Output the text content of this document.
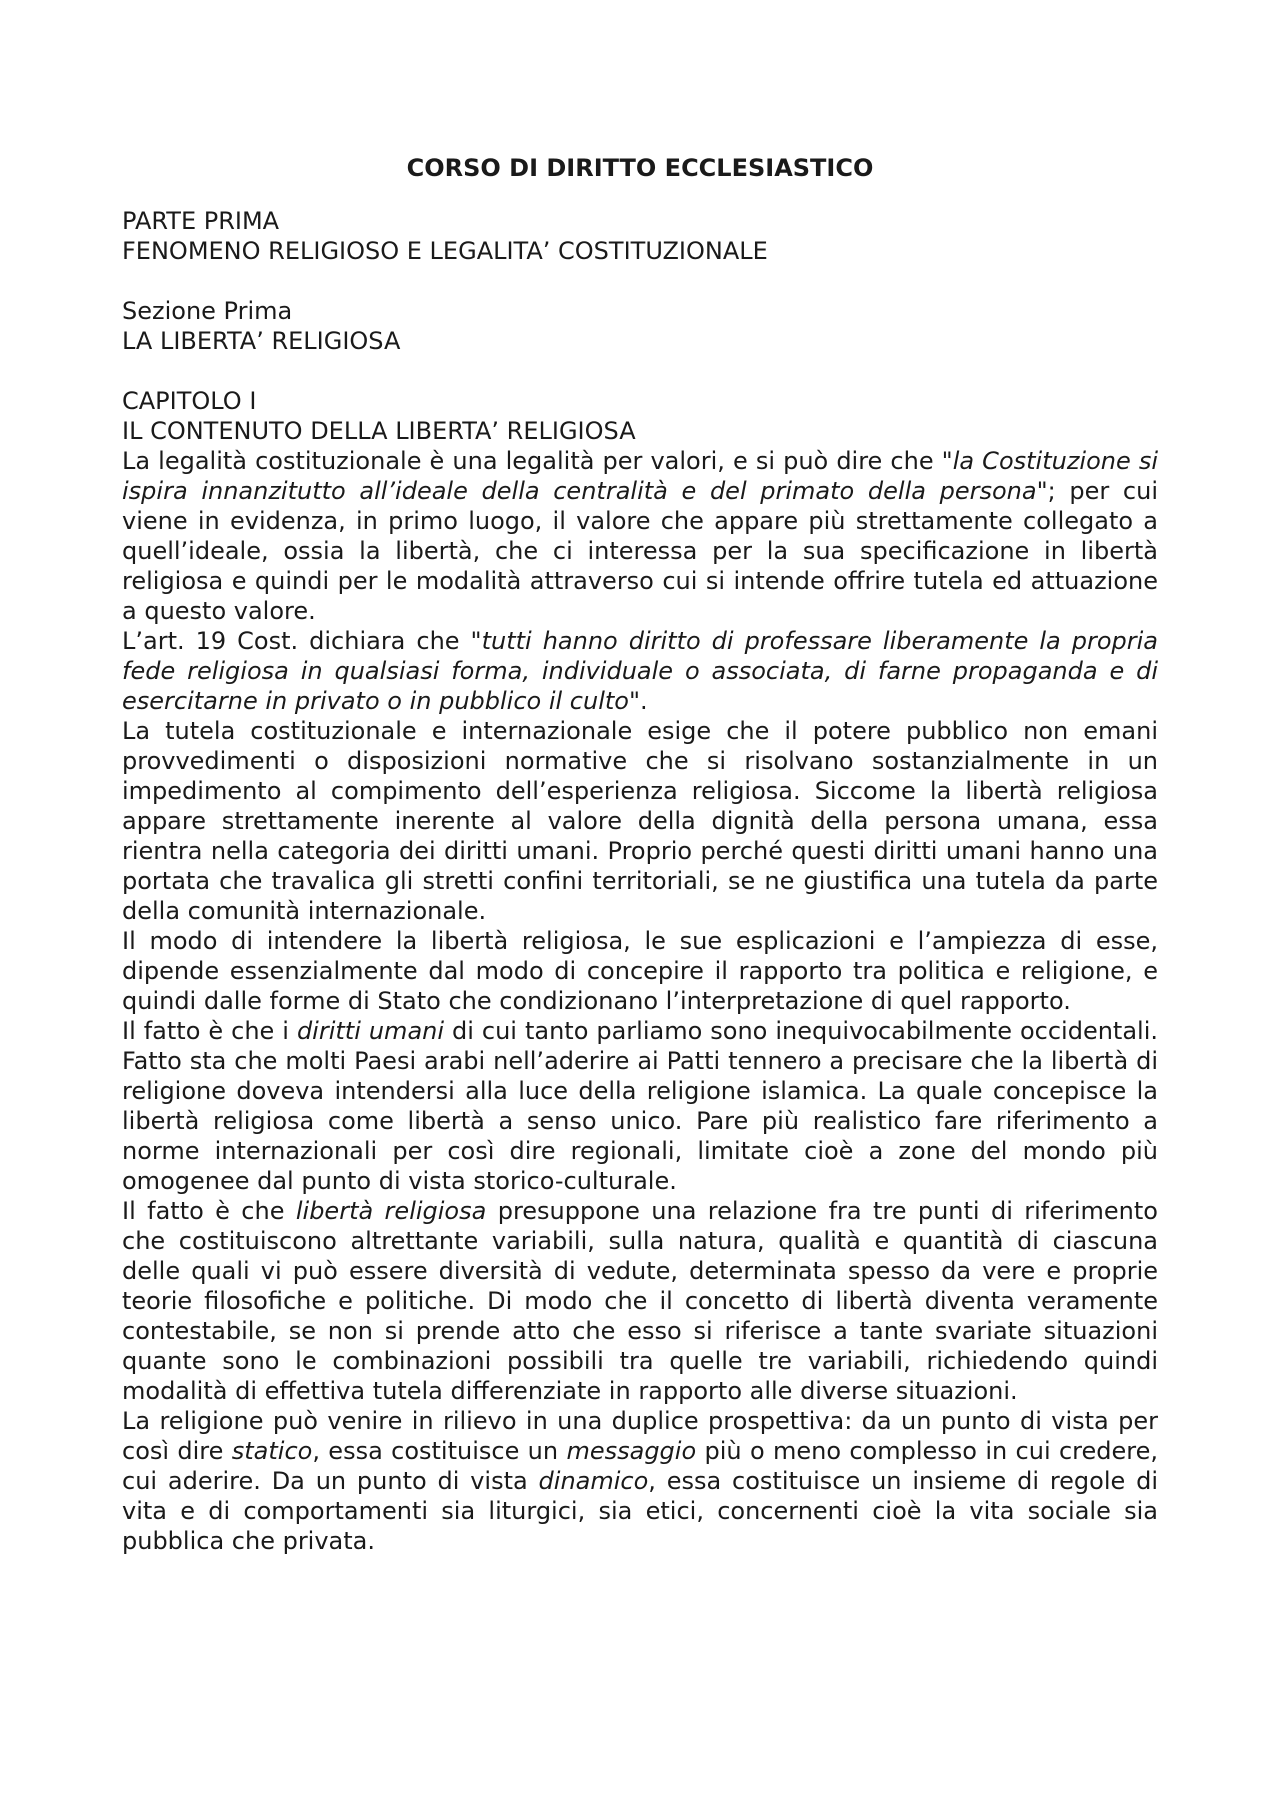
CORSO DI DIRITTO ECCLESIASTICO
PARTE PRIMA
FENOMENO RELIGIOSO E LEGALITA’ COSTITUZIONALE
Sezione Prima
LA LIBERTA’ RELIGIOSA
CAPITOLO I
IL CONTENUTO DELLA LIBERTA’ RELIGIOSA

La legalità costituzionale è una legalità per valori, e si può dire che "la Costituzione si ispira innanzitutto all’ideale della centralità e del primato della persona"; per cui viene in evidenza, in primo luogo, il valore che appare più strettamente collegato a quell’ideale, ossia la libertà, che ci interessa per la sua specificazione in libertà religiosa e quindi per le modalità attraverso cui si intende offrire tutela ed attuazione a questo valore.

L’art. 19 Cost. dichiara che "tutti hanno diritto di professare liberamente la propria fede religiosa in qualsiasi forma, individuale o associata, di farne propaganda e di esercitarne in privato o in pubblico il culto".

La tutela costituzionale e internazionale esige che il potere pubblico non emani provvedimenti o disposizioni normative che si risolvano sostanzialmente in un impedimento al compimento dell’esperienza religiosa. Siccome la libertà religiosa appare strettamente inerente al valore della dignità della persona umana, essa rientra nella categoria dei diritti umani. Proprio perché questi diritti umani hanno una portata che travalica gli stretti confini territoriali, se ne giustifica una tutela da parte della comunità internazionale.

Il modo di intendere la libertà religiosa, le sue esplicazioni e l’ampiezza di esse, dipende essenzialmente dal modo di concepire il rapporto tra politica e religione, e quindi dalle forme di Stato che condizionano l’interpretazione di quel rapporto.

Il fatto è che i diritti umani di cui tanto parliamo sono inequivocabilmente occidentali. Fatto sta che molti Paesi arabi nell’aderire ai Patti tennero a precisare che la libertà di religione doveva intendersi alla luce della religione islamica. La quale concepisce la libertà religiosa come libertà a senso unico. Pare più realistico fare riferimento a norme internazionali per così dire regionali, limitate cioè a zone del mondo più omogenee dal punto di vista storico-culturale.

Il fatto è che libertà religiosa presuppone una relazione fra tre punti di riferimento che costituiscono altrettante variabili, sulla natura, qualità e quantità di ciascuna delle quali vi può essere diversità di vedute, determinata spesso da vere e proprie teorie filosofiche e politiche. Di modo che il concetto di libertà diventa veramente contestabile, se non si prende atto che esso si riferisce a tante svariate situazioni quante sono le combinazioni possibili tra quelle tre variabili, richiedendo quindi modalità di effettiva tutela differenziate in rapporto alle diverse situazioni.

La religione può venire in rilievo in una duplice prospettiva: da un punto di vista per così dire statico, essa costituisce un messaggio più o meno complesso in cui credere, cui aderire. Da un punto di vista dinamico, essa costituisce un insieme di regole di vita e di comportamenti sia liturgici, sia etici, concernenti cioè la vita sociale sia pubblica che privata.
